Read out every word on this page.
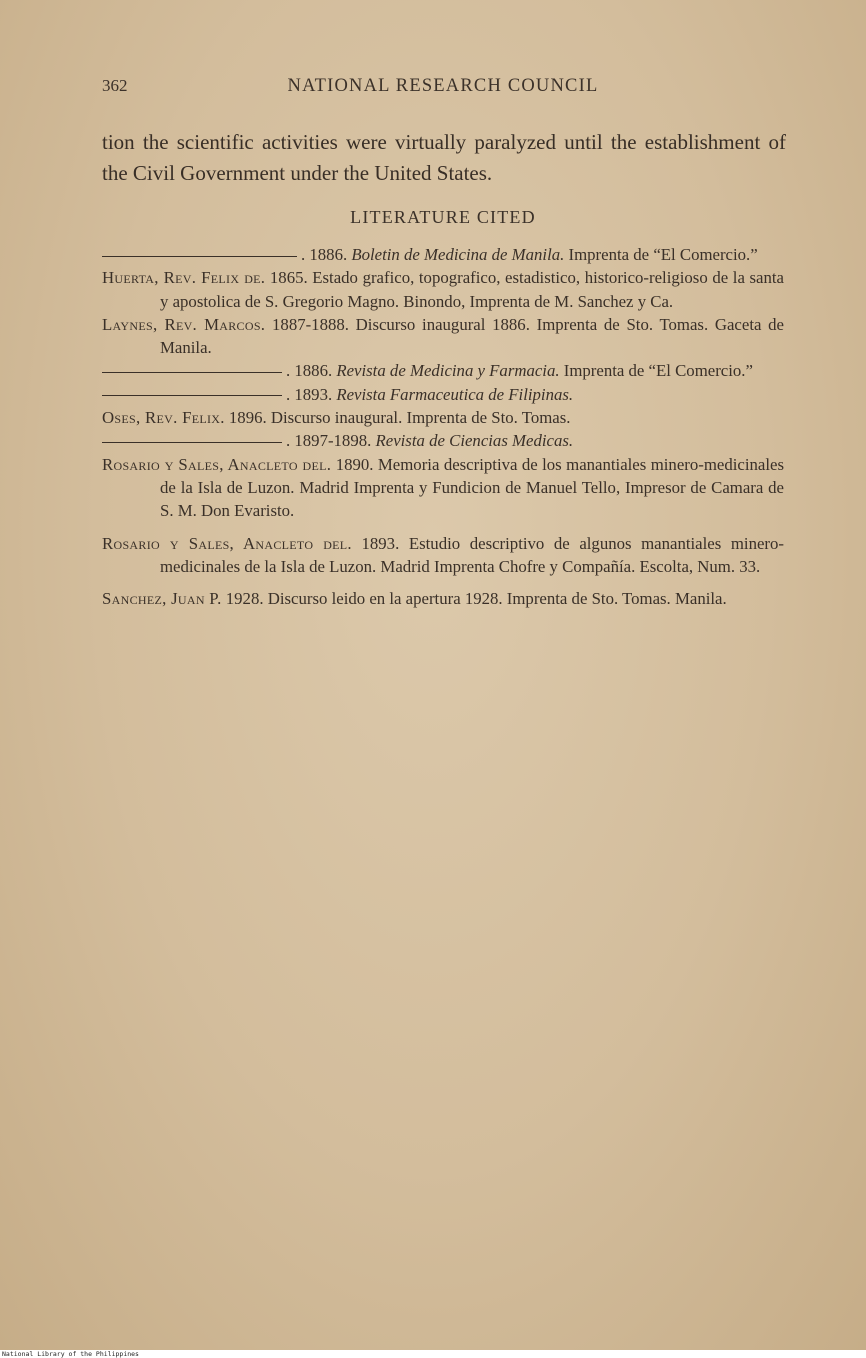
362	NATIONAL RESEARCH COUNCIL

tion the scientific activities were virtually paralyzed until the establishment of the Civil Government under the United States.

LITERATURE CITED
. 1886. Boletin de Medicina de Manila. Imprenta de “El Comercio.”
Huerta, Rev. Felix de. 1865. Estado grafico, topografico, estadistico, historico-religioso de la santa y apostolica de S. Gregorio Magno. Binondo, Imprenta de M. Sanchez y Ca.
Laynes, Rev. Marcos. 1887-1888. Discurso inaugural 1886. Imprenta de Sto. Tomas. Gaceta de Manila.
. 1886. Revista de Medicina y Farmacia. Imprenta de “El Comercio.”
. 1893. Revista Farmaceutica de Filipinas.
Oses, Rev. Felix. 1896. Discurso inaugural. Imprenta de Sto. Tomas.
. 1897-1898. Revista de Ciencias Medicas.
Rosario y Sales, Anacleto del. 1890. Memoria descriptiva de los manantiales minero-medicinales de la Isla de Luzon. Madrid Imprenta y Fundicion de Manuel Tello, Impresor de Camara de S. M. Don Evaristo.
Rosario y Sales, Anacleto del. 1893. Estudio descriptivo de algunos manantiales minero-medicinales de la Isla de Luzon. Madrid Imprenta Chofre y Compañía. Escolta, Num. 33.
Sanchez, Juan P. 1928. Discurso leido en la apertura 1928. Imprenta de Sto. Tomas. Manila.
National Library of the Philippines
